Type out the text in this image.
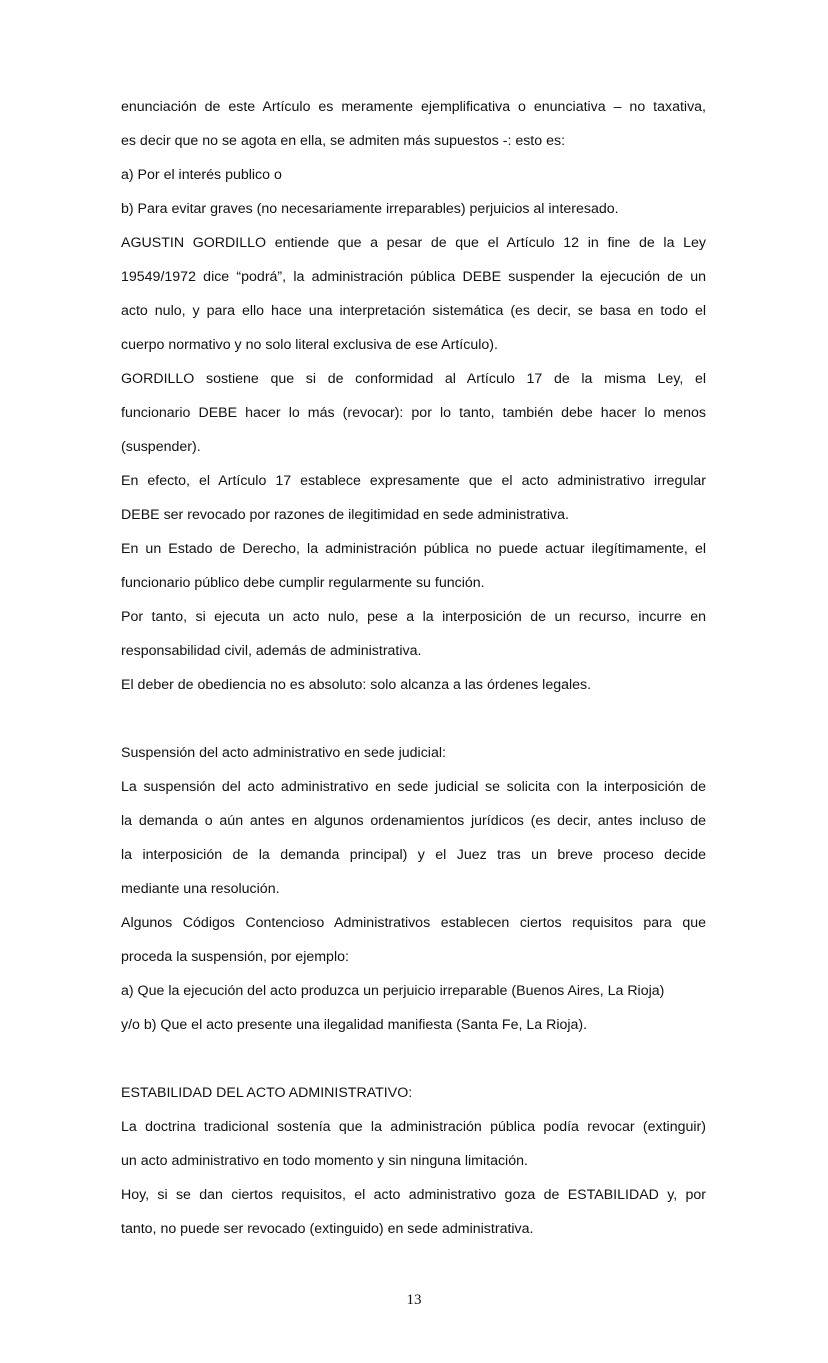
enunciación de este Artículo es meramente ejemplificativa o enunciativa – no taxativa,
es decir que no se agota en ella, se admiten más supuestos -: esto es:
a) Por el interés publico o
b) Para evitar graves (no necesariamente irreparables) perjuicios al interesado.
AGUSTIN GORDILLO entiende que a pesar de que el Artículo 12 in fine de la Ley
19549/1972 dice “podrá”, la administración pública DEBE suspender la ejecución de un
acto nulo, y para ello hace una interpretación sistemática (es decir, se basa en todo el
cuerpo normativo y no solo literal exclusiva de ese Artículo).
GORDILLO sostiene que si de conformidad al Artículo 17 de la misma Ley, el
funcionario DEBE hacer lo más (revocar): por lo tanto, también debe hacer lo menos
(suspender).
En efecto, el Artículo 17 establece expresamente que el acto administrativo irregular
DEBE ser revocado por razones de ilegitimidad en sede administrativa.
En un Estado de Derecho, la administración pública no puede actuar ilegítimamente, el
funcionario público debe cumplir regularmente su función.
Por tanto, si ejecuta un acto nulo, pese a la interposición de un recurso, incurre en
responsabilidad civil, además de administrativa.
El deber de obediencia no es absoluto: solo alcanza a las órdenes legales.
Suspensión del acto administrativo en sede judicial:
La suspensión del acto administrativo en sede judicial se solicita con la interposición de
la demanda o aún antes en algunos ordenamientos jurídicos (es decir, antes incluso de
la interposición de la demanda principal) y el Juez tras un breve proceso decide
mediante una resolución.
Algunos Códigos Contencioso Administrativos establecen ciertos requisitos para que
proceda la suspensión, por ejemplo:
a) Que la ejecución del acto produzca un perjuicio irreparable (Buenos Aires, La Rioja)
y/o b) Que el acto presente una ilegalidad manifiesta (Santa Fe, La Rioja).
ESTABILIDAD DEL ACTO ADMINISTRATIVO:
La doctrina tradicional sostenía que la administración pública podía revocar (extinguir)
un acto administrativo en todo momento y sin ninguna limitación.
Hoy, si se dan ciertos requisitos, el acto administrativo goza de ESTABILIDAD y, por
tanto, no puede ser revocado (extinguido) en sede administrativa.
13
